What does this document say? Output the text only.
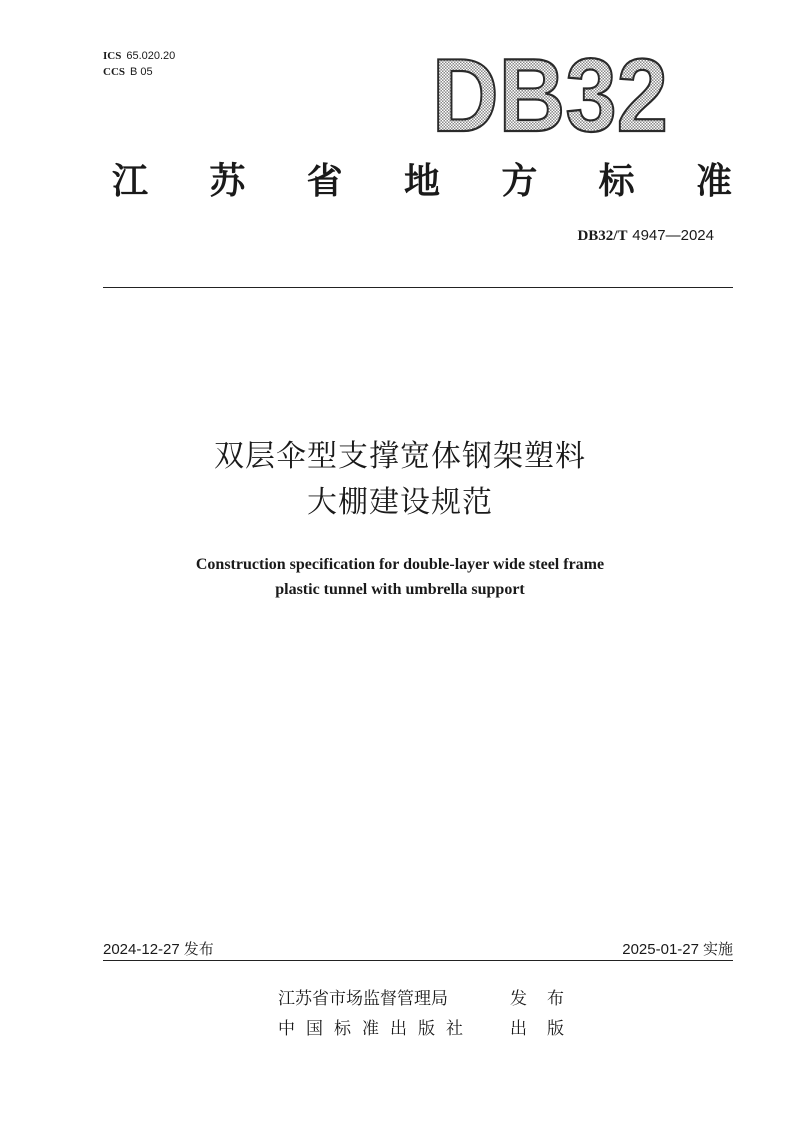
ICS 65.020.20
CCS B 05	DB32
江 苏 省 地 方 标 准
DB32/T 4947—2024
双层伞型支撑宽体钢架塑料
大棚建设规范
Construction specification for double-layer wide steel frame
plastic tunnel with umbrella support
2024-12-27 发布	2025-01-27 实施
江苏省市场监督管理局	发布
中国标准出版社 出版
